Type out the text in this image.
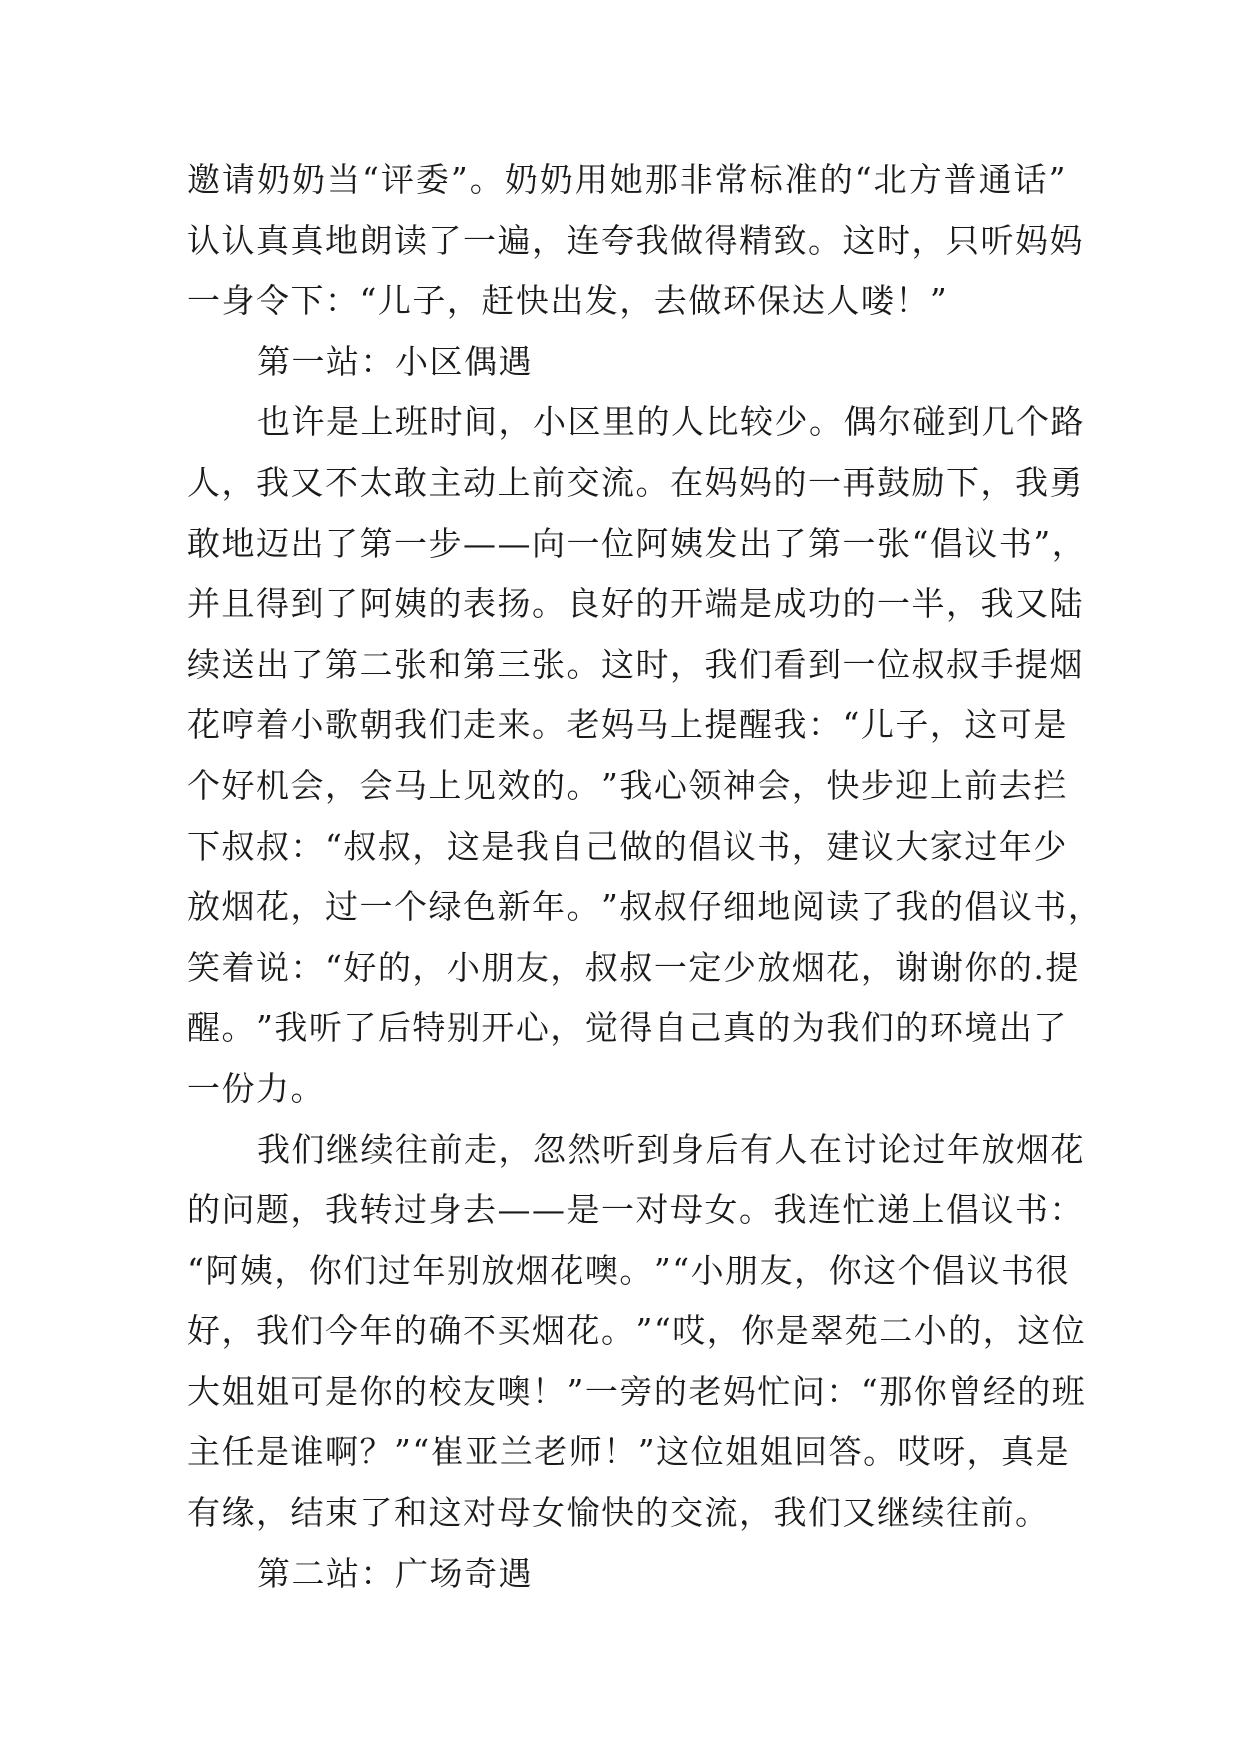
邀 请 奶 奶 当 “ 评 委 ” 。 奶 奶 用 她 那 非 常 标 准 的 “ 北 方 普 通 话 ”
认 认 真 真 地 朗 读 了 一 遍 ， 连 夸 我 做 得 精 致 。 这 时 ， 只 听 妈 妈
一身令下：“儿子，赶快出发，去做环保达人喽！”
第一站：小区偶遇
也 许 是 上 班 时 间 ， 小 区 里 的 人 比 较 少 。 偶 尔 碰 到 几 个 路
人 ， 我 又 不 太 敢 主 动 上 前 交 流 。 在 妈 妈 的 一 再 鼓 励 下 ， 我 勇
敢 地 迈 出 了 第 一 步 — — 向 一 位 阿 姨 发 出 了 第 一 张 “ 倡 议 书 ” ，
并 且 得 到 了 阿 姨 的 表 扬 。 良 好 的 开 端 是 成 功 的 一 半 ， 我 又 陆
续 送 出 了 第 二 张 和 第 三 张 。 这 时 ， 我 们 看 到 一 位 叔 叔 手 提 烟
花 哼 着 小 歌 朝 我 们 走 来 。 老 妈 马 上 提 醒 我 ： “ 儿 子 ， 这 可 是
个 好 机 会 ， 会 马 上 见 效 的 。 ” 我 心 领 神 会 ， 快 步 迎 上 前 去 拦
下 叔 叔 ： “ 叔 叔 ， 这 是 我 自 己 做 的 倡 议 书 ， 建 议 大 家 过 年 少
放 烟 花 ， 过 一 个 绿 色 新 年 。 ” 叔 叔 仔 细 地 阅 读 了 我 的 倡 议 书 ，
笑 着 说 ： “ 好 的 ， 小 朋 友 ， 叔 叔 一 定 少 放 烟 花 ， 谢 谢 你 的 . 提
醒 。 ” 我 听 了 后 特 别 开 心 ， 觉 得 自 己 真 的 为 我 们 的 环 境 出 了
一份力。
我 们 继 续 往 前 走 ， 忽 然 听 到 身 后 有 人 在 讨 论 过 年 放 烟 花
的 问 题 ， 我 转 过 身 去 — — 是 一 对 母 女 。 我 连 忙 递 上 倡 议 书 ：
“ 阿 姨 ， 你 们 过 年 别 放 烟 花 噢 。 ” “ 小 朋 友 ， 你 这 个 倡 议 书 很
好 ， 我 们 今 年 的 确 不 买 烟 花 。 ” “ 哎 ， 你 是 翠 苑 二 小 的 ， 这 位
大 姐 姐 可 是 你 的 校 友 噢 ！ ” 一 旁 的 老 妈 忙 问 ： “ 那 你 曾 经 的 班
主 任 是 谁 啊 ？ ” “ 崔 亚 兰 老 师 ！ ” 这 位 姐 姐 回 答 。 哎 呀 ， 真 是
有缘，结束了和这对母女愉快的交流，我们又继续往前。
第二站：广场奇遇
